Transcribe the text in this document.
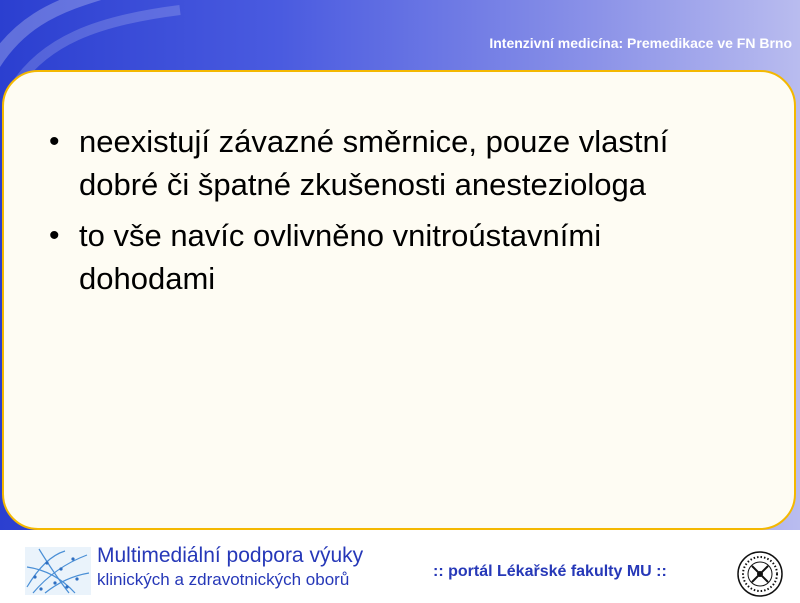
Intenzivní medicína: Premedikace ve FN Brno
• neexistují závazné směrnice, pouze vlastní dobré či špatné zkušenosti anesteziologa
• to vše navíc ovlivněno vnitroústavními dohodami
Multimediální podpora výuky
klinických a zdravotnických oborů	:: portál Lékařské fakulty MU ::
